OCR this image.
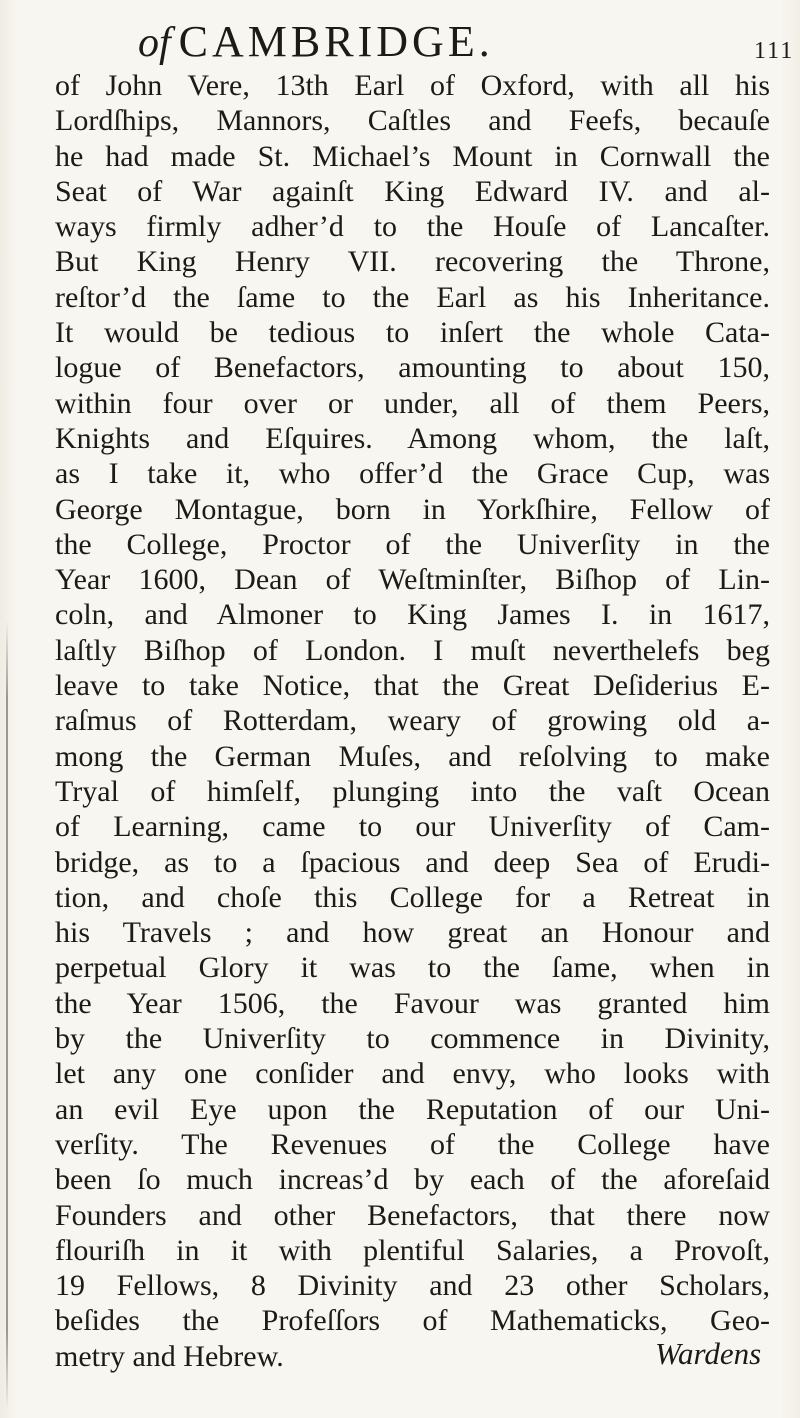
of CAMBRIDGE.	111
of John Vere, 13th Earl of Oxford, with all his
Lordſhips, Mannors, Caſtles and Feefs, becauſe
he had made St. Michael’s Mount in Cornwall the
Seat of War againſt King Edward IV. and al-
ways firmly adher’d to the Houſe of Lancaſter.
But King Henry VII. recovering the Throne,
reſtor’d the ſame to the Earl as his Inheritance.
It would be tedious to inſert the whole Cata-
logue of Benefactors, amounting to about 150,
within four over or under, all of them Peers,
Knights and Eſquires. Among whom, the laſt,
as I take it, who offer’d the Grace Cup, was
George Montague, born in Yorkſhire, Fellow of
the College, Proctor of the Univerſity in the
Year 1600, Dean of Weſtminſter, Biſhop of Lin-
coln, and Almoner to King James I. in 1617,
laſtly Biſhop of London. I muſt neverthelefs beg
leave to take Notice, that the Great Deſiderius E-
raſmus of Rotterdam, weary of growing old a-
mong the German Muſes, and reſolving to make
Tryal of himſelf, plunging into the vaſt Ocean
of Learning, came to our Univerſity of Cam-
bridge, as to a ſpacious and deep Sea of Erudi-
tion, and choſe this College for a Retreat in
his Travels ; and how great an Honour and
perpetual Glory it was to the ſame, when in
the Year 1506, the Favour was granted him
by the Univerſity to commence in Divinity,
let any one conſider and envy, who looks with
an evil Eye upon the Reputation of our Uni-
verſity. The Revenues of the College have
been ſo much increas’d by each of the aforeſaid
Founders and other Benefactors, that there now
flouriſh in it with plentiful Salaries, a Provoſt,
19 Fellows, 8 Divinity and 23 other Scholars,
beſides the Profeſſors of Mathematicks, Geo-
metry and Hebrew.	Wardens
